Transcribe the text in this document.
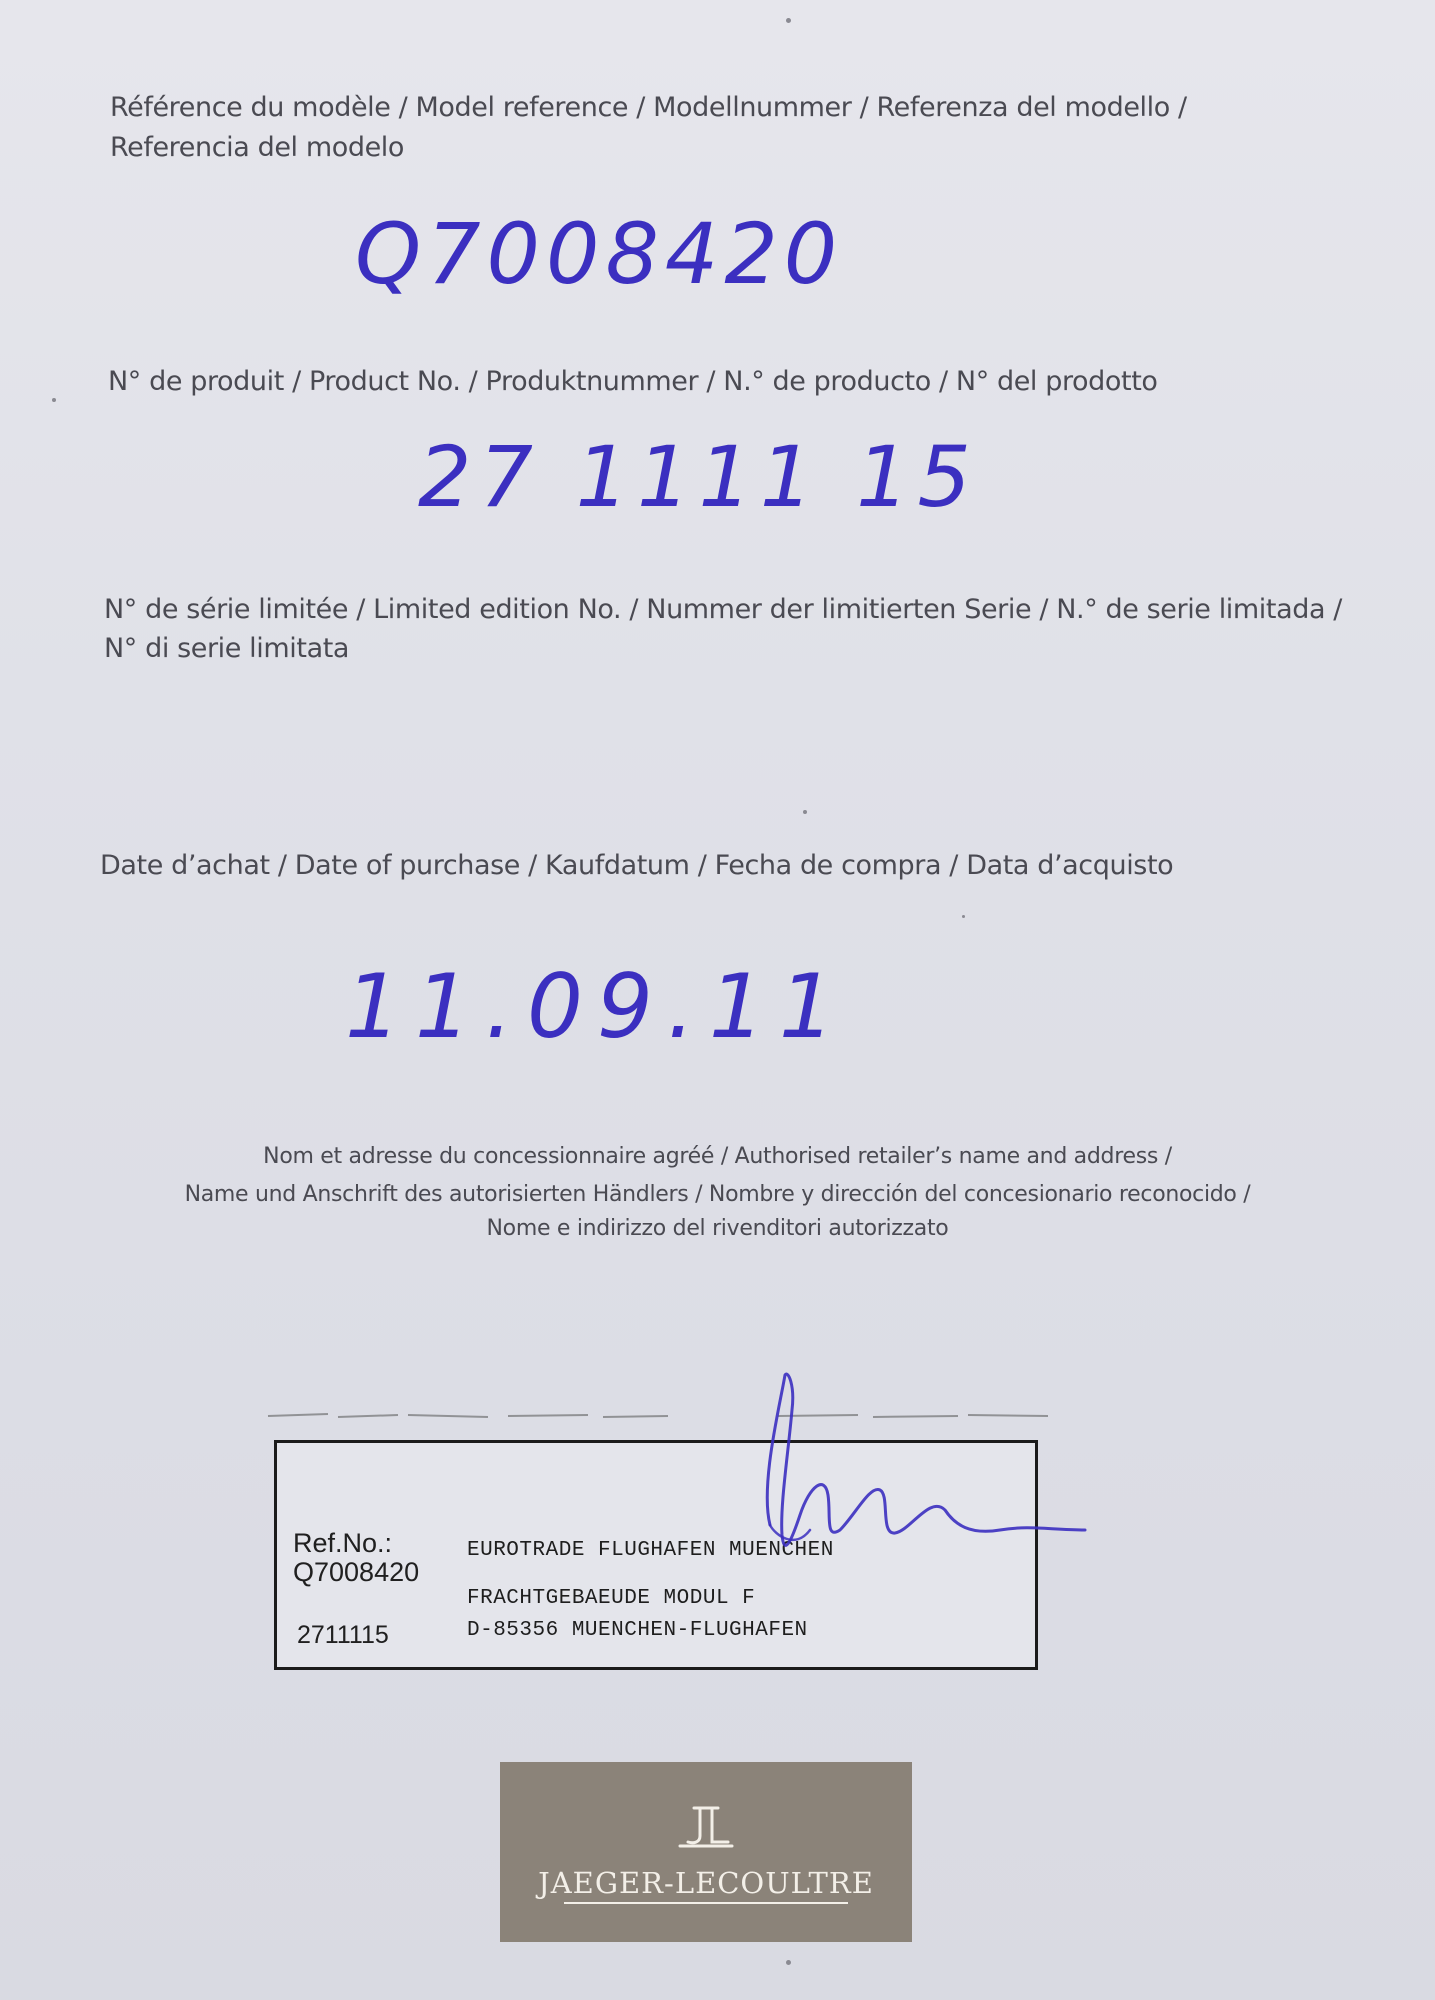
Référence du modèle / Model reference / Modellnummer / Referenza del modello /
Referencia del modelo
Q7008420
N° de produit / Product No. / Produktnummer / N.° de producto / N° del prodotto
27 1111 15
N° de série limitée / Limited edition No. / Nummer der limitierten Serie / N.° de serie limitada /
N° di serie limitata
Date d’achat / Date of purchase / Kaufdatum / Fecha de compra / Data d’acquisto
11.09.11
Nom et adresse du concessionnaire agréé / Authorised retailer’s name and address /
Name und Anschrift des autorisierten Händlers / Nombre y dirección del concesionario reconocido /
Nome e indirizzo del rivenditori autorizzato
Ref.No.:
Q7008420
2711115
EUROTRADE FLUGHAFEN MUENCHEN
FRACHTGEBAEUDE MODUL F
D-85356 MUENCHEN-FLUGHAFEN
JAEGER-LECOULTRE
